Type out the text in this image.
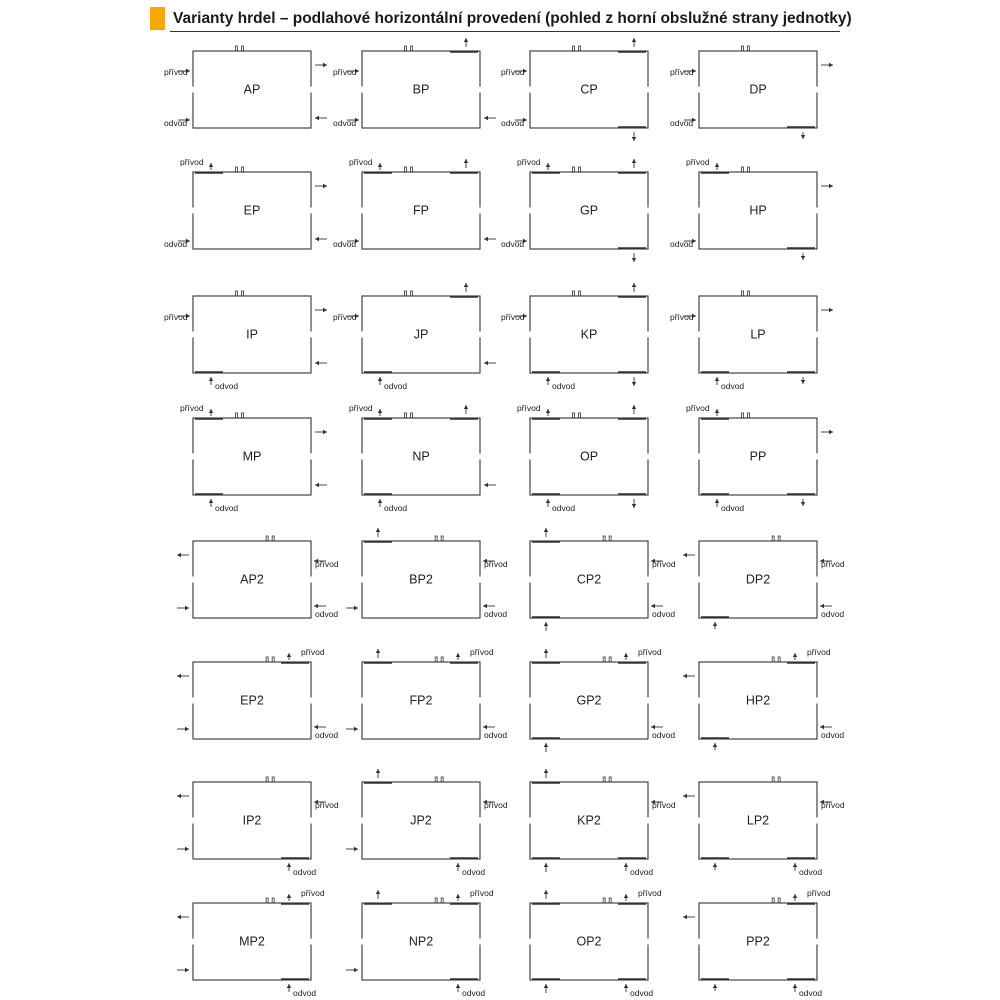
Varianty hrdel – podlahové horizontální provedení (pohled z horní obslužné strany jednotky)
AP
přívod
odvod
BP
přívod
odvod
CP
přívod
odvod
DP
přívod
odvod
EP
přívod
odvod
FP
přívod
odvod
GP
přívod
odvod
HP
přívod
odvod
IP
přívod
odvod
JP
přívod
odvod
KP
přívod
odvod
LP
přívod
odvod
MP
přívod
odvod
NP
přívod
odvod
OP
přívod
odvod
PP
přívod
odvod
AP2
přívod
odvod
BP2
přívod
odvod
CP2
přívod
odvod
DP2
přívod
odvod
EP2
přívod
odvod
FP2
přívod
odvod
GP2
přívod
odvod
HP2
přívod
odvod
IP2
přívod
odvod
JP2
přívod
odvod
KP2
přívod
odvod
LP2
přívod
odvod
MP2
přívod
odvod
NP2
přívod
odvod
OP2
přívod
odvod
PP2
přívod
odvod
